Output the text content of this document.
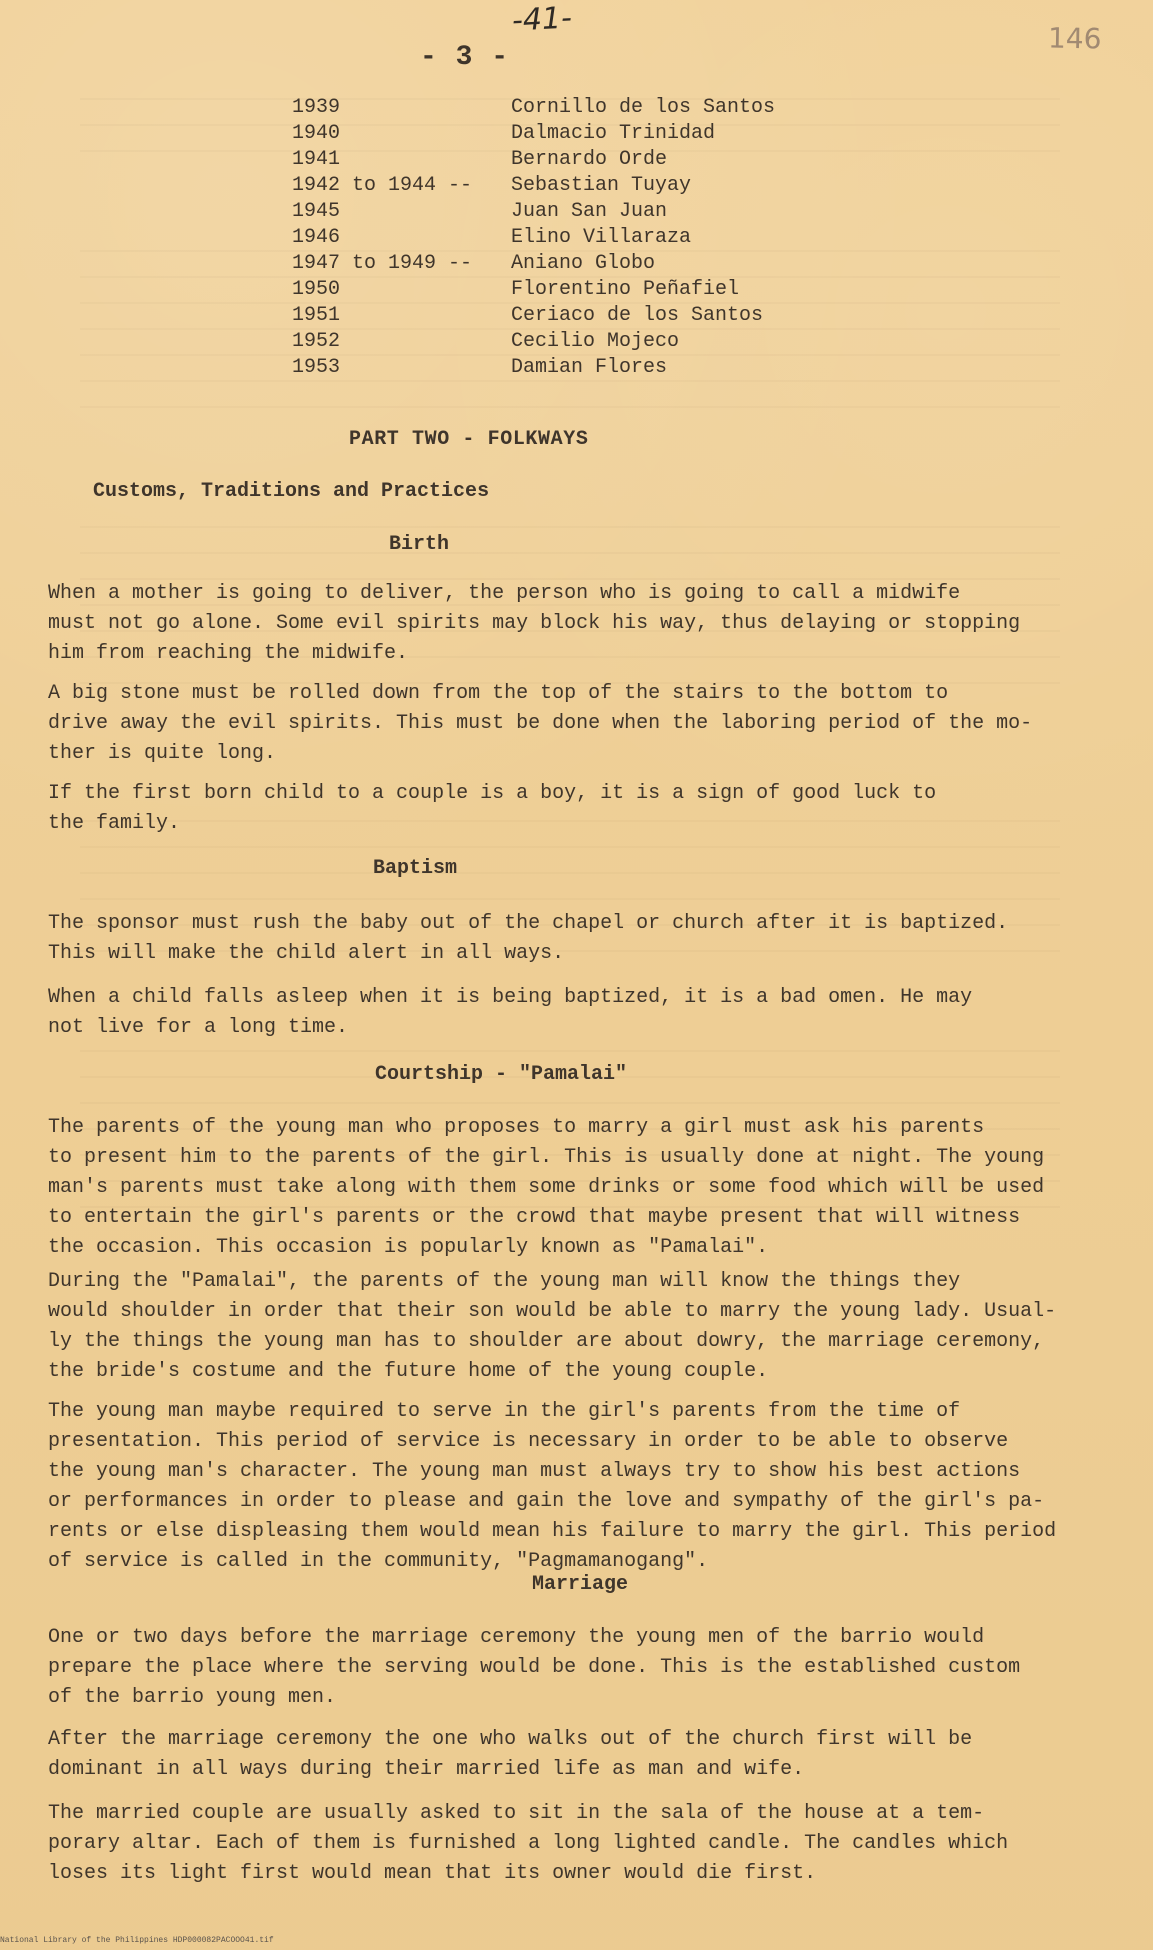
-41-	146
- 3 -
1939	Cornillo de los Santos
1940	Dalmacio Trinidad
1941	Bernardo Orde
1942 to 1944 -- Sebastian Tuyay
1945	Juan San Juan
1946	Elino Villaraza
1947 to 1949 -- Aniano Globo
1950	Florentino Peñafiel
1951	Ceriaco de los Santos
1952	Cecilio Mojeco
1953	Damian Flores
PART TWO - FOLKWAYS
Customs, Traditions and Practices
Birth
When a mother is going to deliver, the person who is going to call a midwife
must not go alone. Some evil spirits may block his way, thus delaying or stopping
him from reaching the midwife.
A big stone must be rolled down from the top of the stairs to the bottom to
drive away the evil spirits. This must be done when the laboring period of the mo-
ther is quite long.
If the first born child to a couple is a boy, it is a sign of good luck to
the family.
Baptism
The sponsor must rush the baby out of the chapel or church after it is baptized.
This will make the child alert in all ways.
When a child falls asleep when it is being baptized, it is a bad omen. He may
not live for a long time.
Courtship - "Pamalai"
The parents of the young man who proposes to marry a girl must ask his parents
to present him to the parents of the girl. This is usually done at night. The young
man's parents must take along with them some drinks or some food which will be used
to entertain the girl's parents or the crowd that maybe present that will witness
the occasion. This occasion is popularly known as "Pamalai".
During the "Pamalai", the parents of the young man will know the things they
would shoulder in order that their son would be able to marry the young lady. Usual-
ly the things the young man has to shoulder are about dowry, the marriage ceremony,
the bride's costume and the future home of the young couple.
The young man maybe required to serve in the girl's parents from the time of
presentation. This period of service is necessary in order to be able to observe
the young man's character. The young man must always try to show his best actions
or performances in order to please and gain the love and sympathy of the girl's pa-
rents or else displeasing them would mean his failure to marry the girl. This period
of service is called in the community, "Pagmamanogang".
Marriage
One or two days before the marriage ceremony the young men of the barrio would
prepare the place where the serving would be done. This is the established custom
of the barrio young men.
After the marriage ceremony the one who walks out of the church first will be
dominant in all ways during their married life as man and wife.
The married couple are usually asked to sit in the sala of the house at a tem-
porary altar. Each of them is furnished a long lighted candle. The candles which
loses its light first would mean that its owner would die first.
National Library of the Philippines HDP000082PACOOO41.tif
